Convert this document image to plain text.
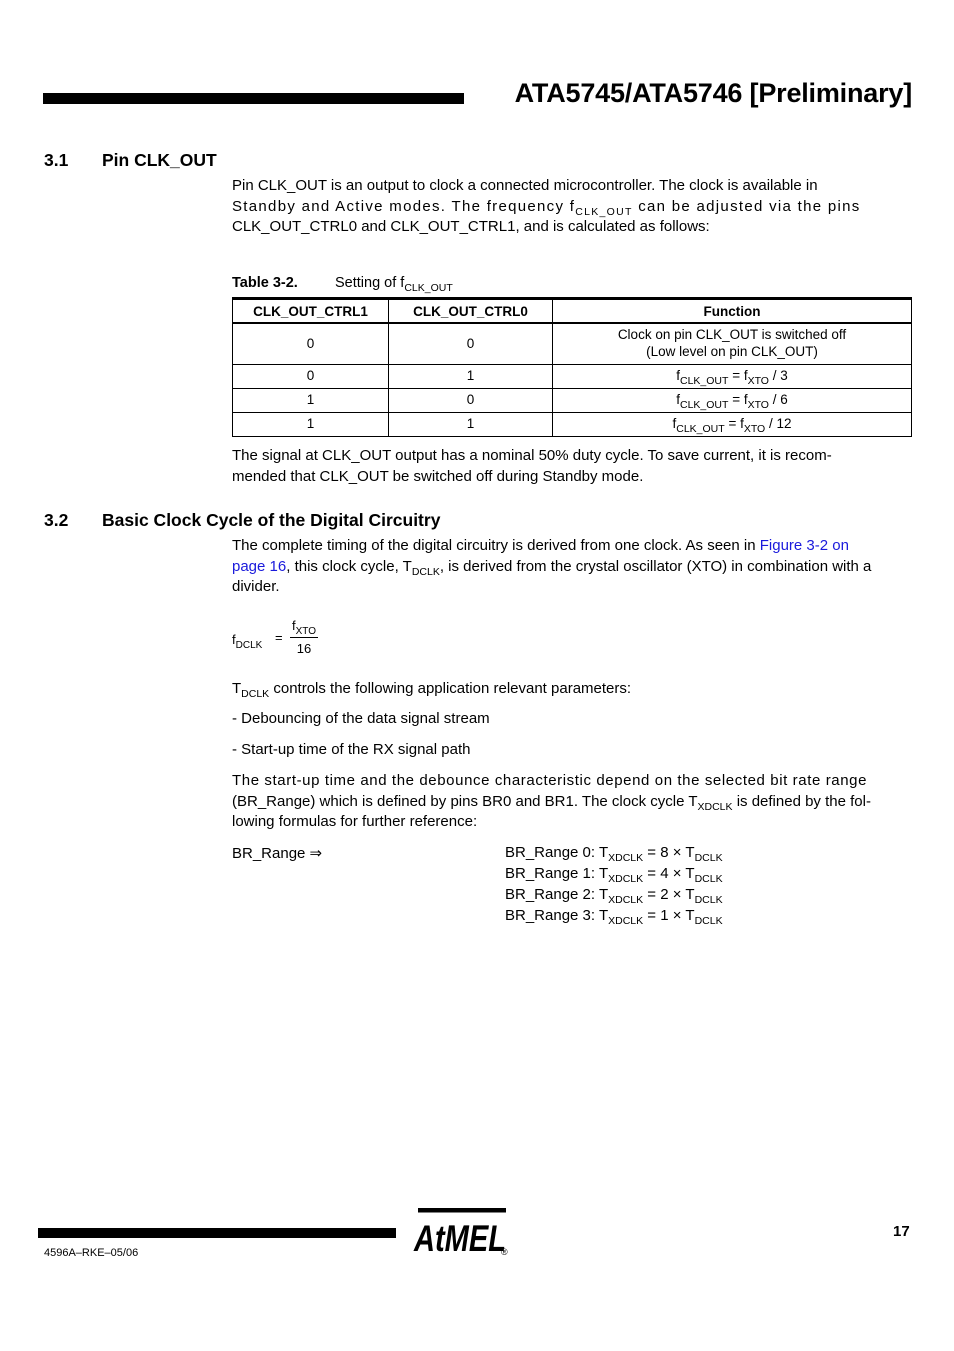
ATA5745/ATA5746 [Preliminary]
3.1 Pin CLK_OUT
Pin CLK_OUT is an output to clock a connected microcontroller. The clock is available in
Standby and Active modes. The frequency $f_{CLK\_OUT}$ can be adjusted via the pins
CLK_OUT_CTRL0 and CLK_OUT_CTRL1, and is calculated as follows:
Table 3-2.	Setting of $f_{CLK\_OUT}$
CLK_OUT_CTRL1	CLK_OUT_CTRL0	Function
0	0	Clock on pin CLK_OUT is switched off
(Low level on pin CLK_OUT)

0	1	$f_{CLK\_OUT} = f_{XTO} / 3$
1	0	$f_{CLK\_OUT} = f_{XTO} / 6$
1	1	$f_{CLK\_OUT} = f_{XTO} / 12$
The signal at CLK_OUT output has a nominal 50% duty cycle. To save current, it is recom-
mended that CLK_OUT be switched off during Standby mode.
3.2 Basic Clock Cycle of the Digital Circuitry
The complete timing of the digital circuitry is derived from one clock. As seen in Figure 3-2 on
page 16, this clock cycle, $T_{DCLK}$, is derived from the crystal oscillator (XTO) in combination with a
divider.
$f_{DCLK}$
=
$f_{XTO}$
16
$T_{DCLK}$ controls the following application relevant parameters:
- Debouncing of the data signal stream
- Start-up time of the RX signal path
The start-up time and the debounce characteristic depend on the selected bit rate range
(BR_Range) which is defined by pins BR0 and BR1. The clock cycle $T_{XDCLK}$ is defined by the fol-
lowing formulas for further reference:
BR_Range ⇒	BR_Range 0: $T_{XDCLK} = 8 \times T_{DCLK}$
BR_Range 1: $T_{XDCLK} = 4 \times T_{DCLK}$
BR_Range 2: $T_{XDCLK} = 2 \times T_{DCLK}$
BR_Range 3: $T_{XDCLK} = 1 \times T_{DCLK}$
AtMEL
®
17
4596A–RKE–05/06
